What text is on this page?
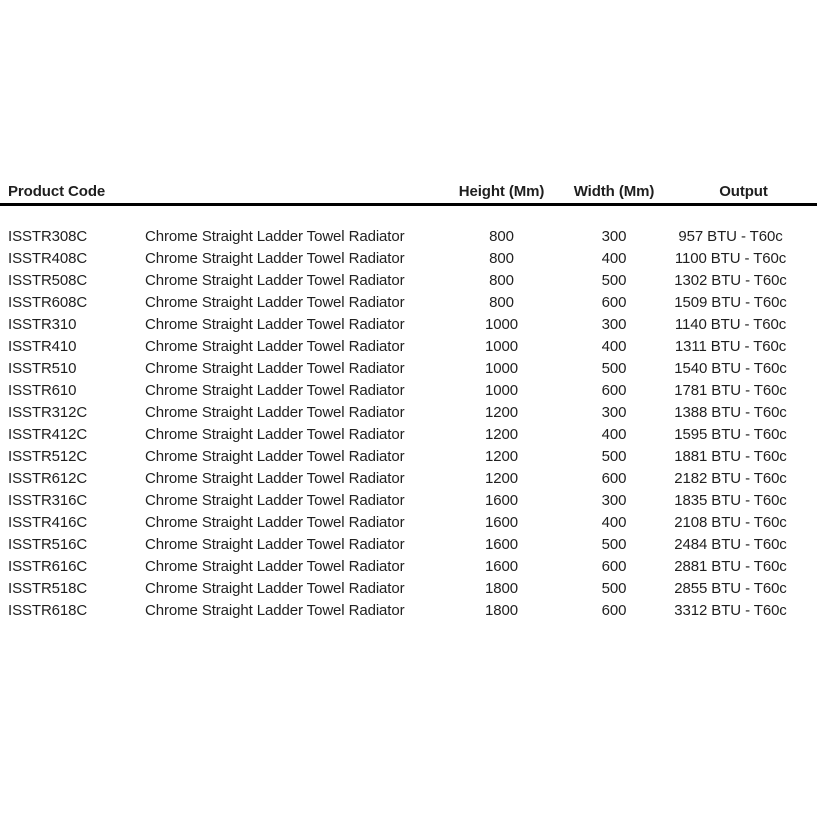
Product Code		Height (Mm)	Width (Mm)	Output
ISSTR308C	Chrome Straight Ladder Towel Radiator	800	300	957 BTU - T60c
ISSTR408C	Chrome Straight Ladder Towel Radiator	800	400	1100 BTU - T60c
ISSTR508C	Chrome Straight Ladder Towel Radiator	800	500	1302 BTU - T60c
ISSTR608C	Chrome Straight Ladder Towel Radiator	800	600	1509 BTU - T60c
ISSTR310	Chrome Straight Ladder Towel Radiator	1000	300	1140 BTU - T60c
ISSTR410	Chrome Straight Ladder Towel Radiator	1000	400	1311 BTU - T60c
ISSTR510	Chrome Straight Ladder Towel Radiator	1000	500	1540 BTU - T60c
ISSTR610	Chrome Straight Ladder Towel Radiator	1000	600	1781 BTU - T60c
ISSTR312C	Chrome Straight Ladder Towel Radiator	1200	300	1388 BTU - T60c
ISSTR412C	Chrome Straight Ladder Towel Radiator	1200	400	1595 BTU - T60c
ISSTR512C	Chrome Straight Ladder Towel Radiator	1200	500	1881 BTU - T60c
ISSTR612C	Chrome Straight Ladder Towel Radiator	1200	600	2182 BTU - T60c
ISSTR316C	Chrome Straight Ladder Towel Radiator	1600	300	1835 BTU - T60c
ISSTR416C	Chrome Straight Ladder Towel Radiator	1600	400	2108 BTU - T60c
ISSTR516C	Chrome Straight Ladder Towel Radiator	1600	500	2484 BTU - T60c
ISSTR616C	Chrome Straight Ladder Towel Radiator	1600	600	2881 BTU - T60c
ISSTR518C	Chrome Straight Ladder Towel Radiator	1800	500	2855 BTU - T60c
ISSTR618C	Chrome Straight Ladder Towel Radiator	1800	600	3312 BTU - T60c
